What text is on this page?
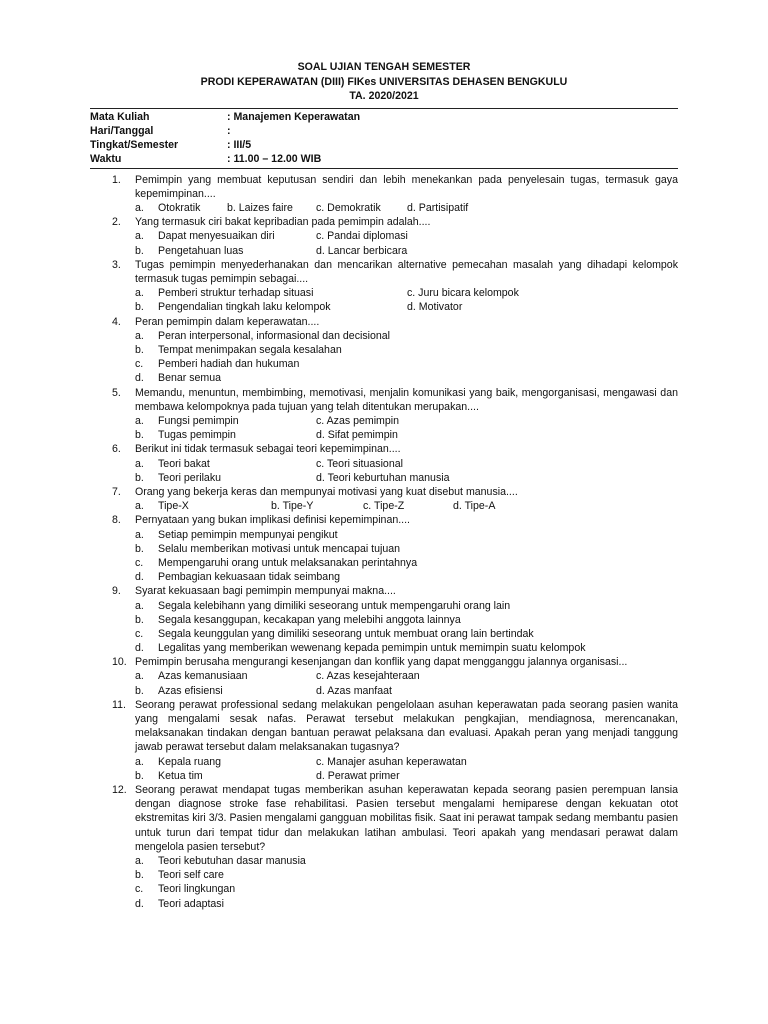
SOAL UJIAN TENGAH SEMESTER
PRODI KEPERAWATAN (DIII) FIKes UNIVERSITAS DEHASEN BENGKULU
TA. 2020/2021
Mata Kuliah	: Manajemen Keperawatan
Hari/Tanggal	:
Tingkat/Semester	: III/5
Waktu	: 11.00 – 12.00 WIB
1. Pemimpin yang membuat keputusan sendiri dan lebih menekankan pada penyelesain tugas, termasuk gaya kepemimpinan....
a. Otokratik	b. Laizes faire c. Demokratik d. Partisipatif
2. Yang termasuk ciri bakat kepribadian pada pemimpin adalah....
a. Dapat menyesuaikan diri	c. Pandai diplomasi
b. Pengetahuan luas	d. Lancar berbicara
3. Tugas pemimpin menyederhanakan dan mencarikan alternative pemecahan masalah yang dihadapi kelompok termasuk tugas pemimpin sebagai....
a. Pemberi struktur terhadap situasi	c. Juru bicara kelompok
b. Pengendalian tingkah laku kelompok	d. Motivator
4. Peran pemimpin dalam keperawatan....
a. Peran interpersonal, informasional dan decisional
b. Tempat menimpakan segala kesalahan
c. Pemberi hadiah dan hukuman
d. Benar semua
5. Memandu, menuntun, membimbing, memotivasi, menjalin komunikasi yang baik, mengorganisasi, mengawasi dan membawa kelompoknya pada tujuan yang telah ditentukan merupakan....
a. Fungsi pemimpin	c. Azas pemimpin
b. Tugas pemimpin	d. Sifat pemimpin
6. Berikut ini tidak termasuk sebagai teori kepemimpinan....
a. Teori bakat	c. Teori situasional
b. Teori perilaku	d. Teori keburtuhan manusia
7. Orang yang bekerja keras dan mempunyai motivasi yang kuat disebut manusia....
a. Tipe-X	b. Tipe-Y	c. Tipe-Z	d. Tipe-A
8. Pernyataan yang bukan implikasi definisi kepemimpinan....
a. Setiap pemimpin mempunyai pengikut
b. Selalu memberikan motivasi untuk mencapai tujuan
c. Mempengaruhi orang untuk melaksanakan perintahnya
d. Pembagian kekuasaan tidak seimbang
9. Syarat kekuasaan bagi pemimpin mempunyai makna....
a. Segala kelebihann yang dimiliki seseorang untuk mempengaruhi orang lain
b. Segala kesanggupan, kecakapan yang melebihi anggota lainnya
c. Segala keunggulan yang dimiliki seseorang untuk membuat orang lain bertindak
d. Legalitas yang memberikan wewenang kepada pemimpin untuk memimpin suatu kelompok
10. Pemimpin berusaha mengurangi kesenjangan dan konflik yang dapat mengganggu jalannya organisasi...
a. Azas kemanusiaan	c. Azas kesejahteraan
b. Azas efisiensi	d. Azas manfaat
11. Seorang perawat professional sedang melakukan pengelolaan asuhan keperawatan pada seorang pasien wanita yang mengalami sesak nafas. Perawat tersebut melakukan pengkajian, mendiagnosa, merencanakan, melaksanakan tindakan dengan bantuan perawat pelaksana dan evaluasi. Apakah peran yang menjadi tanggung jawab perawat tersebut dalam melaksanakan tugasnya?
a. Kepala ruang	c. Manajer asuhan keperawatan
b. Ketua tim	d. Perawat primer
12. Seorang perawat mendapat tugas memberikan asuhan keperawatan kepada seorang pasien perempuan lansia dengan diagnose stroke fase rehabilitasi. Pasien tersebut mengalami hemiparese dengan kekuatan otot ekstremitas kiri 3/3. Pasien mengalami gangguan mobilitas fisik. Saat ini perawat tampak sedang membantu pasien untuk turun dari tempat tidur dan melakukan latihan ambulasi. Teori apakah yang mendasari perawat dalam mengelola pasien tersebut?
a. Teori kebutuhan dasar manusia
b. Teori self care
c. Teori lingkungan
d. Teori adaptasi
